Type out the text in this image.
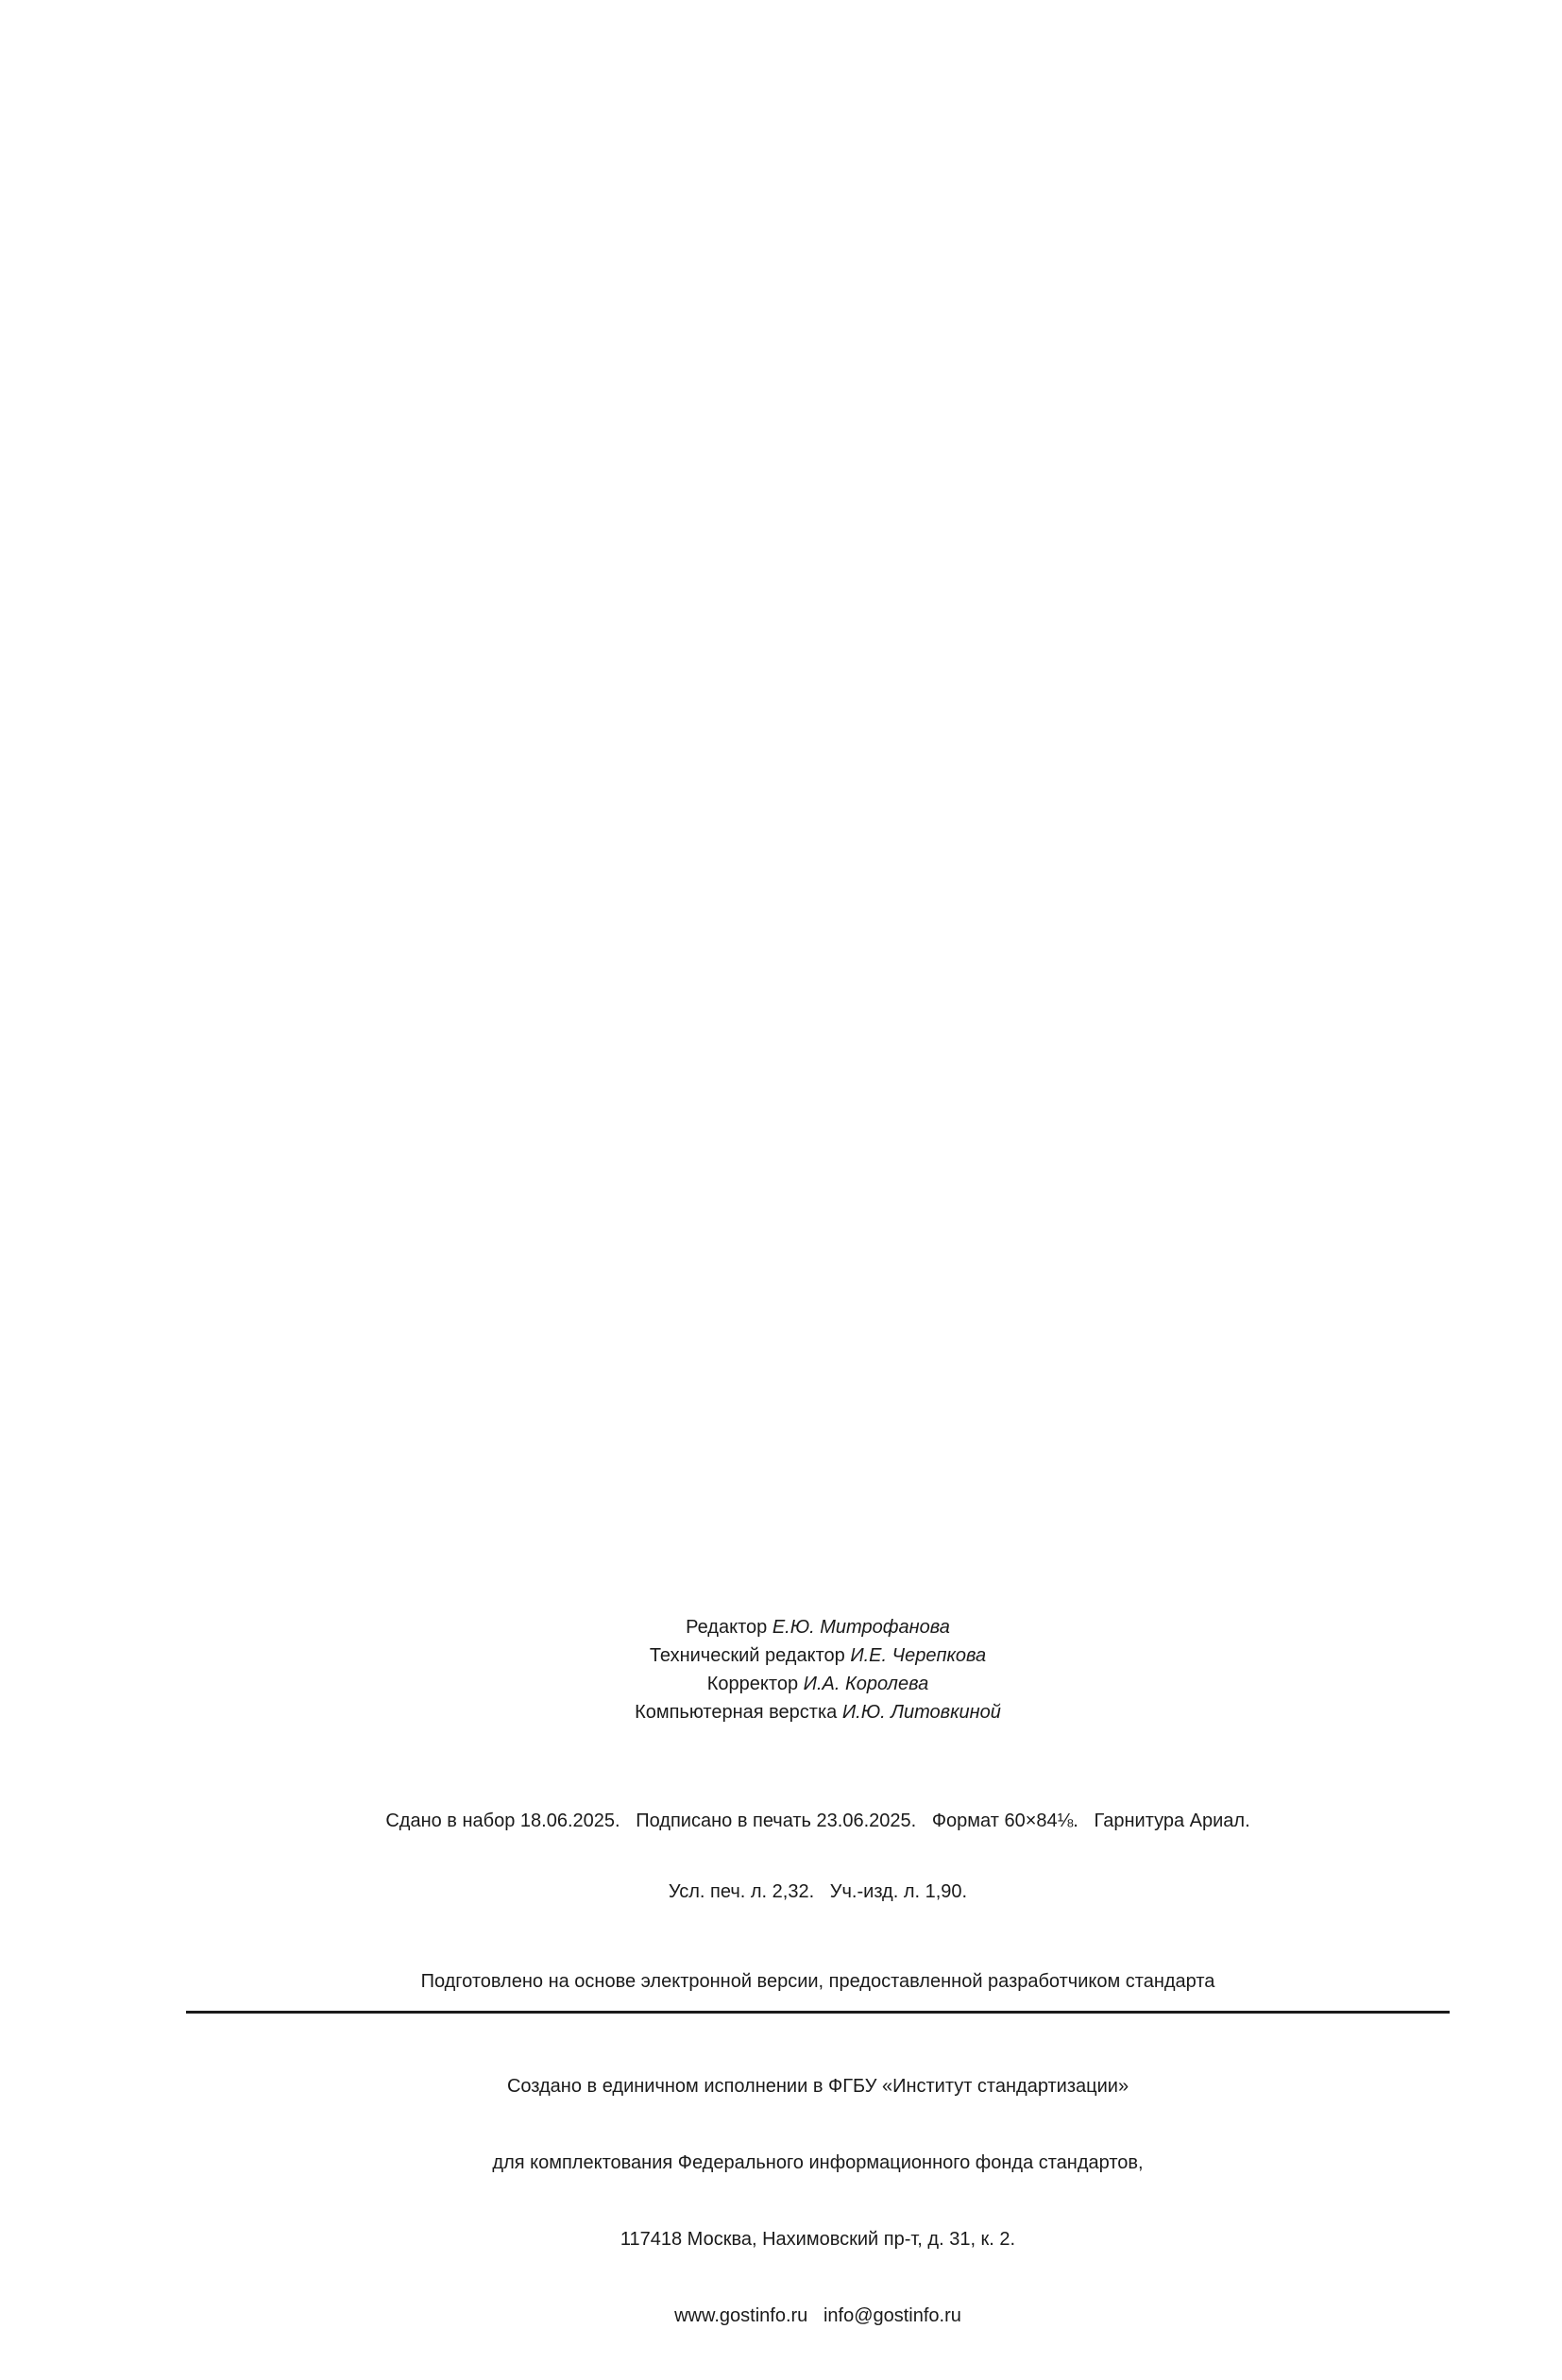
Редактор Е.Ю. Митрофанова
Технический редактор И.Е. Черепкова
Корректор И.А. Королева
Компьютерная верстка И.Ю. Литовкиной

Сдано в набор 18.06.2025.   Подписано в печать 23.06.2025.   Формат 60×84⅛.   Гарнитура Ариал.

Усл. печ. л. 2,32.   Уч.-изд. л. 1,90.

Подготовлено на основе электронной версии, предоставленной разработчиком стандарта

Создано в единичном исполнении в ФГБУ «Институт стандартизации»

для комплектования Федерального информационного фонда стандартов,

117418 Москва, Нахимовский пр-т, д. 31, к. 2.

www.gostinfo.ru   info@gostinfo.ru
